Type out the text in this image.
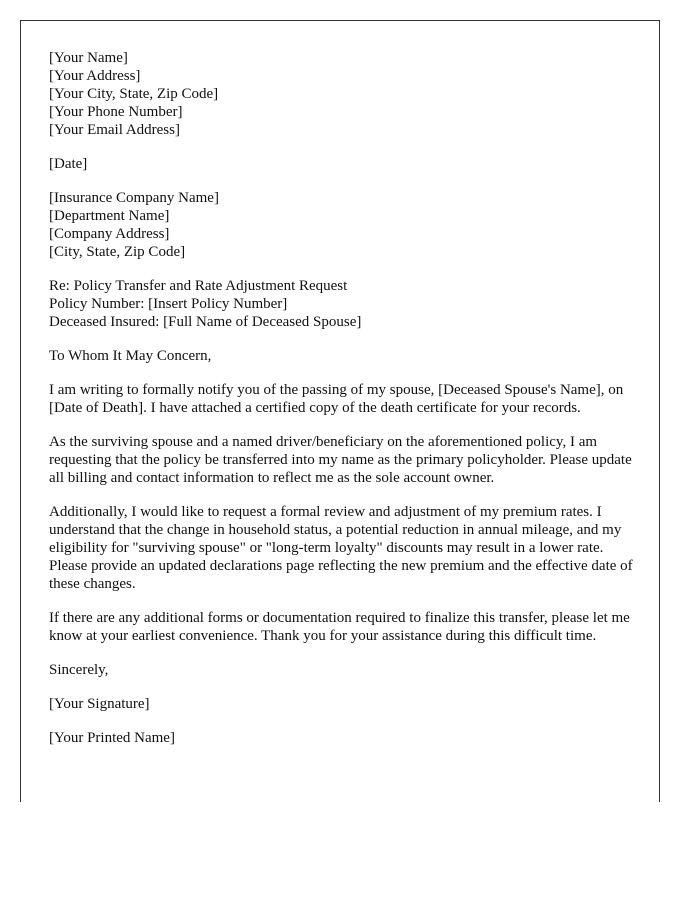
[Your Name]
[Your Address]
[Your City, State, Zip Code]
[Your Phone Number]
[Your Email Address]
[Date]
[Insurance Company Name]
[Department Name]
[Company Address]
[City, State, Zip Code]
Re: Policy Transfer and Rate Adjustment Request
Policy Number: [Insert Policy Number]
Deceased Insured: [Full Name of Deceased Spouse]
To Whom It May Concern,

I am writing to formally notify you of the passing of my spouse, [Deceased Spouse's Name], on [Date of Death]. I have attached a certified copy of the death certificate for your records.

As the surviving spouse and a named driver/beneficiary on the aforementioned policy, I am requesting that the policy be transferred into my name as the primary policyholder. Please update all billing and contact information to reflect me as the sole account owner.

Additionally, I would like to request a formal review and adjustment of my premium rates. I understand that the change in household status, a potential reduction in annual mileage, and my eligibility for "surviving spouse" or "long-term loyalty" discounts may result in a lower rate. Please provide an updated declarations page reflecting the new premium and the effective date of these changes.

If there are any additional forms or documentation required to finalize this transfer, please let me know at your earliest convenience. Thank you for your assistance during this difficult time.

Sincerely,
[Your Signature]
[Your Printed Name]
